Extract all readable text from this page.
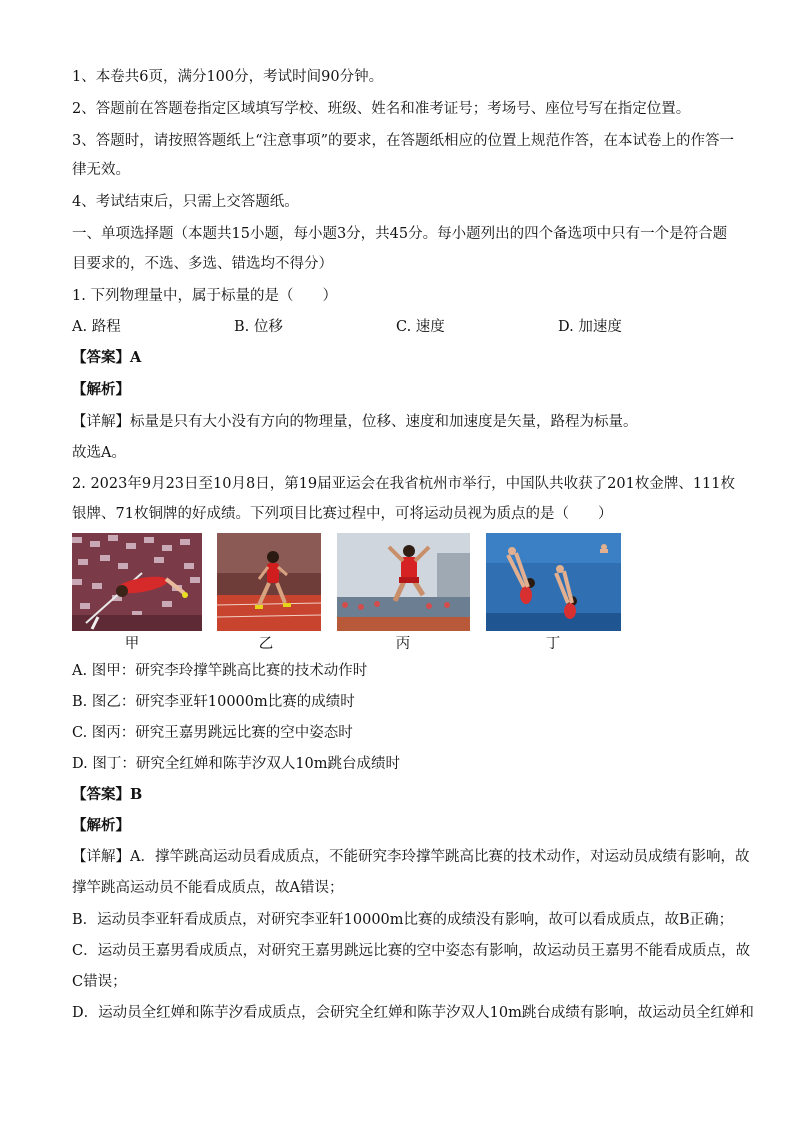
1、本卷共6页，满分100分，考试时间90分钟。
2、答题前在答题卷指定区域填写学校、班级、姓名和准考证号；考场号、座位号写在指定位置。
3、答题时，请按照答题纸上“注意事项”的要求，在答题纸相应的位置上规范作答，在本试卷上的作答一
律无效。
4、考试结束后，只需上交答题纸。
一、单项选择题（本题共15小题，每小题3分，共45分。每小题列出的四个备选项中只有一个是符合题
目要求的，不选、多选、错选均不得分）
1. 下列物理量中，属于标量的是（　　）
A. 路程	B. 位移	C. 速度	D. 加速度
【答案】A
【解析】
【详解】标量是只有大小没有方向的物理量，位移、速度和加速度是矢量，路程为标量。
故选A。
2. 2023年9月23日至10月8日，第19届亚运会在我省杭州市举行，中国队共收获了201枚金牌、111枚
银牌、71枚铜牌的好成绩。下列项目比赛过程中，可将运动员视为质点的是（　　）
甲	乙	丙	丁
A. 图甲：研究李玲撑竿跳高比赛的技术动作时
B. 图乙：研究李亚轩10000m比赛的成绩时
C. 图丙：研究王嘉男跳远比赛的空中姿态时
D. 图丁：研究全红婵和陈芋汐双人10m跳台成绩时
【答案】B
【解析】
【详解】A．撑竿跳高运动员看成质点，不能研究李玲撑竿跳高比赛的技术动作，对运动员成绩有影响，故
撑竿跳高运动员不能看成质点，故A错误；
B．运动员李亚轩看成质点，对研究李亚轩10000m比赛的成绩没有影响，故可以看成质点，故B正确；
C．运动员王嘉男看成质点，对研究王嘉男跳远比赛的空中姿态有影响，故运动员王嘉男不能看成质点，故
C错误；
D．运动员全红婵和陈芋汐看成质点，会研究全红婵和陈芋汐双人10m跳台成绩有影响，故运动员全红婵和
